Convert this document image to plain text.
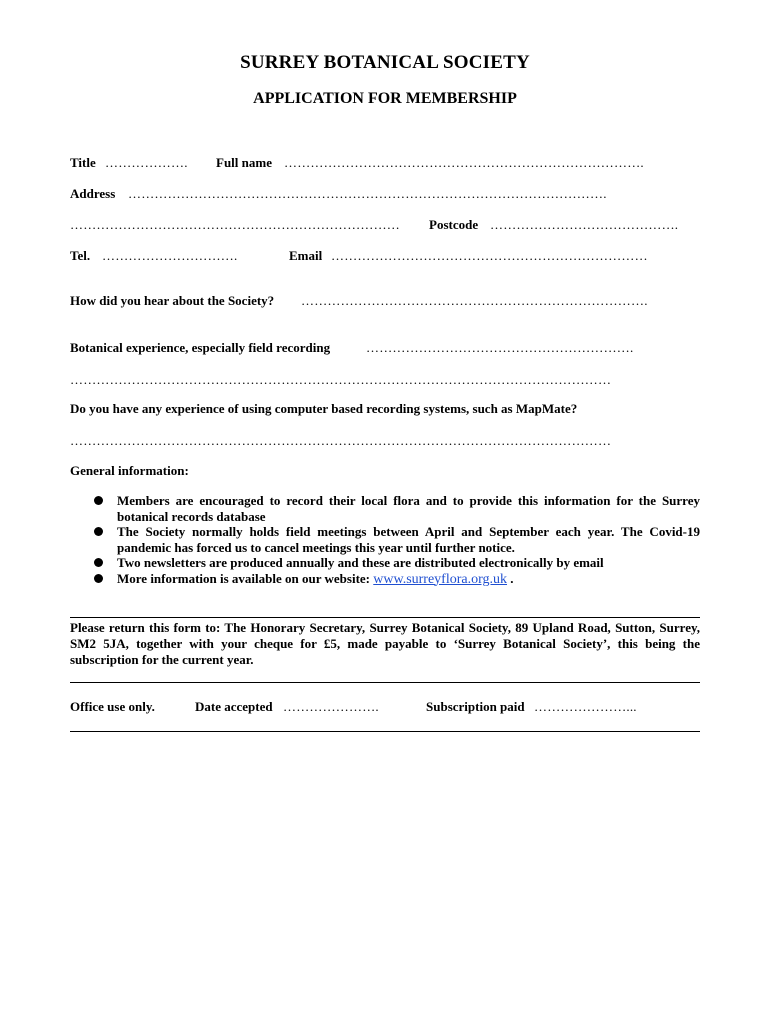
SURREY BOTANICAL SOCIETY
APPLICATION FOR MEMBERSHIP
Title ………………. Full name ……………………………………………………………………….
Address ……………………………………………………………………………………………….
………………………………………………………………… Postcode …………………………………….
Tel. ………………………….	Email ………………………………………………………………
How did you hear about the Society? …………………………………………………………………….
Botanical experience, especially field recording	…………………………………………………….
……………………………………………………………………………………………………………
Do you have any experience of using computer based recording systems, such as MapMate?
……………………………………………………………………………………………………………
General information:
Members are encouraged to record their local flora and to provide this information for the Surrey botanical records database
The Society normally holds field meetings between April and September each year. The Covid-19 pandemic has forced us to cancel meetings this year until further notice.
Two newsletters are produced annually and these are distributed electronically by email
More information is available on our website: www.surreyflora.org.uk .
Please return this form to: The Honorary Secretary, Surrey Botanical Society, 89 Upland Road, Sutton, Surrey, SM2 5JA, together with your cheque for £5, made payable to ‘Surrey Botanical Society’, this being the subscription for the current year.
Office use only.	Date accepted ………………….	Subscription paid …………………...
